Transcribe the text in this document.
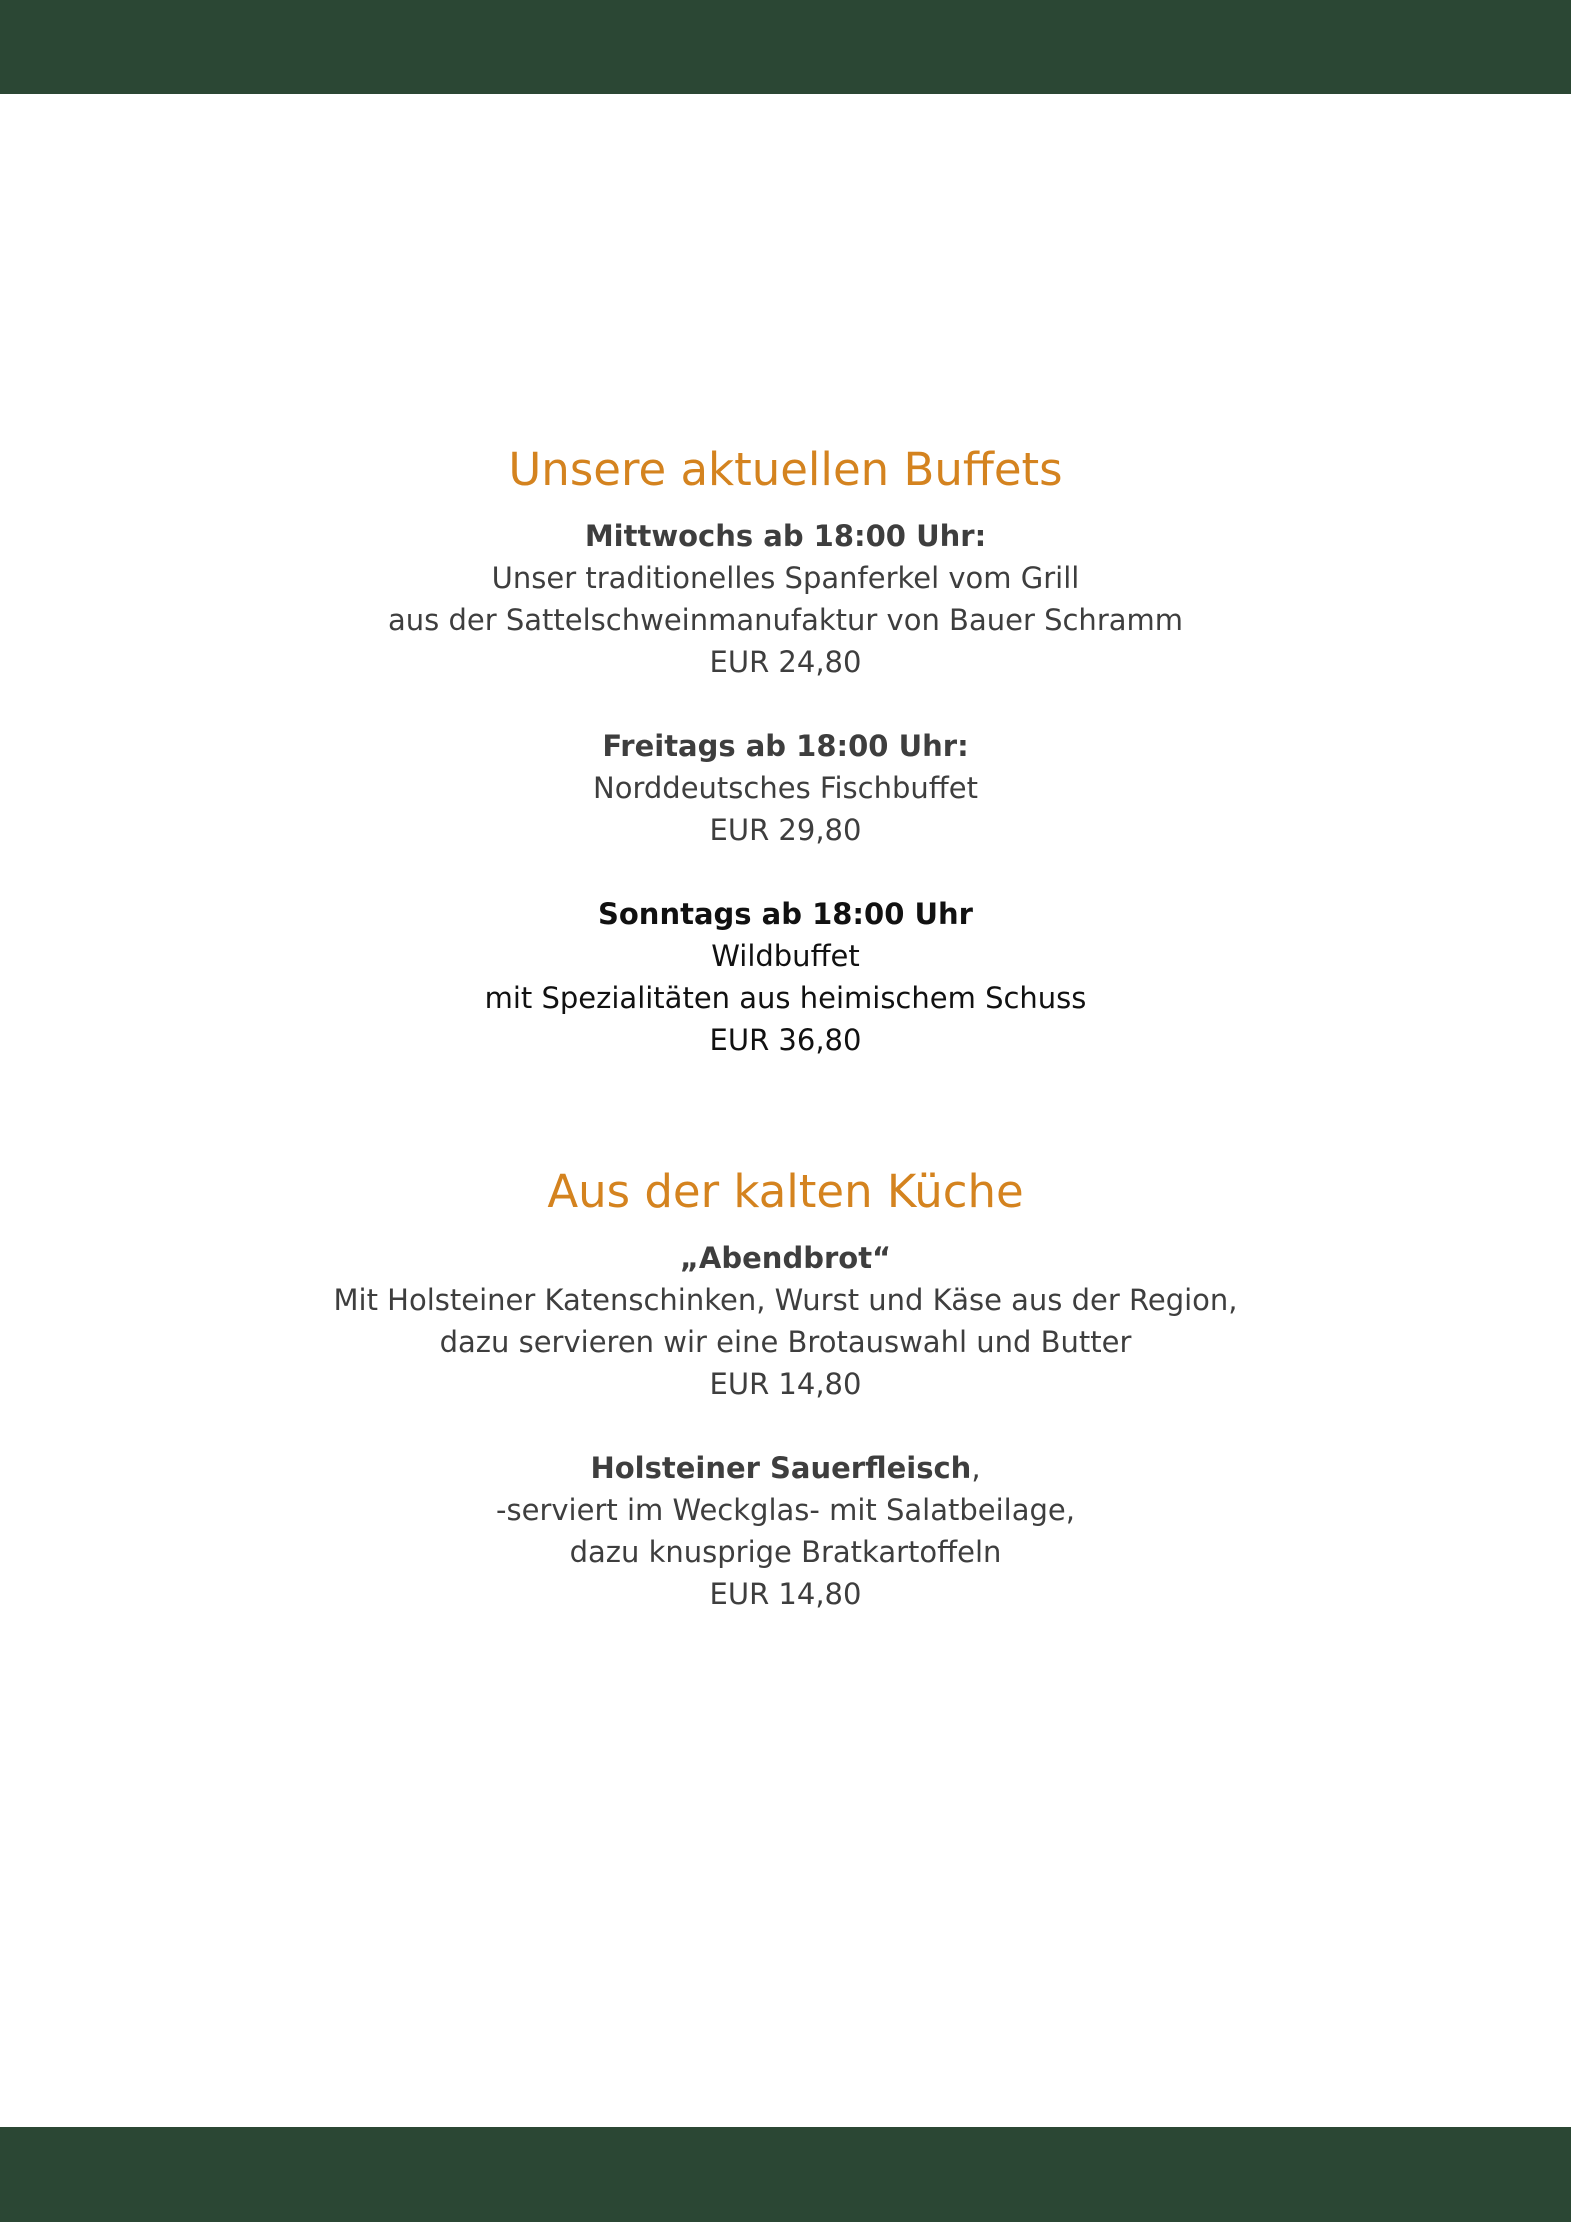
Unsere aktuellen Buffets
Mittwochs ab 18:00 Uhr:
Unser traditionelles Spanferkel vom Grill
aus der Sattelschweinmanufaktur von Bauer Schramm
EUR 24,80
Freitags ab 18:00 Uhr:
Norddeutsches Fischbuffet
EUR 29,80
Sonntags ab 18:00 Uhr
Wildbuffet
mit Spezialitäten aus heimischem Schuss
EUR 36,80
Aus der kalten Küche
„Abendbrot“
Mit Holsteiner Katenschinken, Wurst und Käse aus der Region,
dazu servieren wir eine Brotauswahl und Butter
EUR 14,80
Holsteiner Sauerfleisch,
-serviert im Weckglas- mit Salatbeilage,
dazu knusprige Bratkartoffeln
EUR 14,80
